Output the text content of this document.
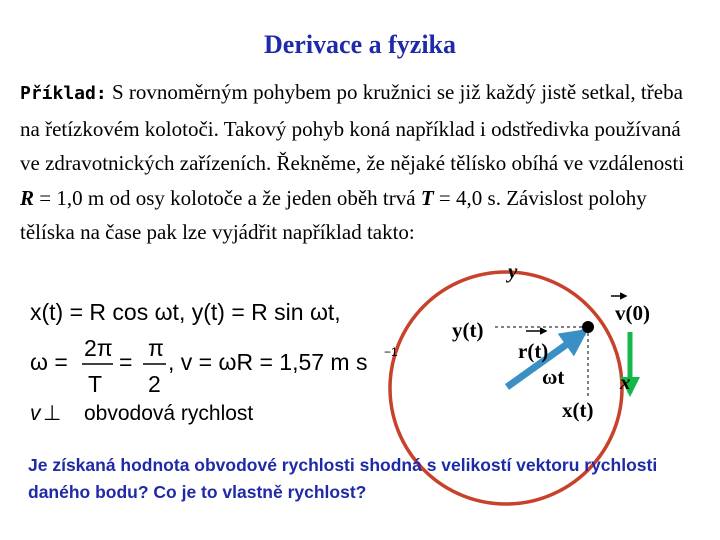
Derivace a fyzika

Příklad: S rovnoměrným pohybem po kružnici se již každý jistě setkal, třeba na řetízkovém kolotoči. Takový pohyb koná například i odstředivka používaná ve zdravotnických zařízeních. Řekněme, že nějaké tělísko obíhá ve vzdálenosti R = 1,0 m od osy kolotoče a že jeden oběh trvá T = 4,0 s. Závislost polohy tělíska na čase pak lze vyjádřit například takto:

y
x
y(t)
x(t)
r(t)
ωt
v(0)
x(t) = R cos ωt, y(t) = R sin ωt,
ω =
2π
T
=
π
2
, v = ωR = 1,57 m s −1
v ⊥ obvodová rychlost

Je získaná hodnota obvodové rychlosti shodná s velikostí vektoru rychlosti daného bodu? Co je to vlastně rychlost?
